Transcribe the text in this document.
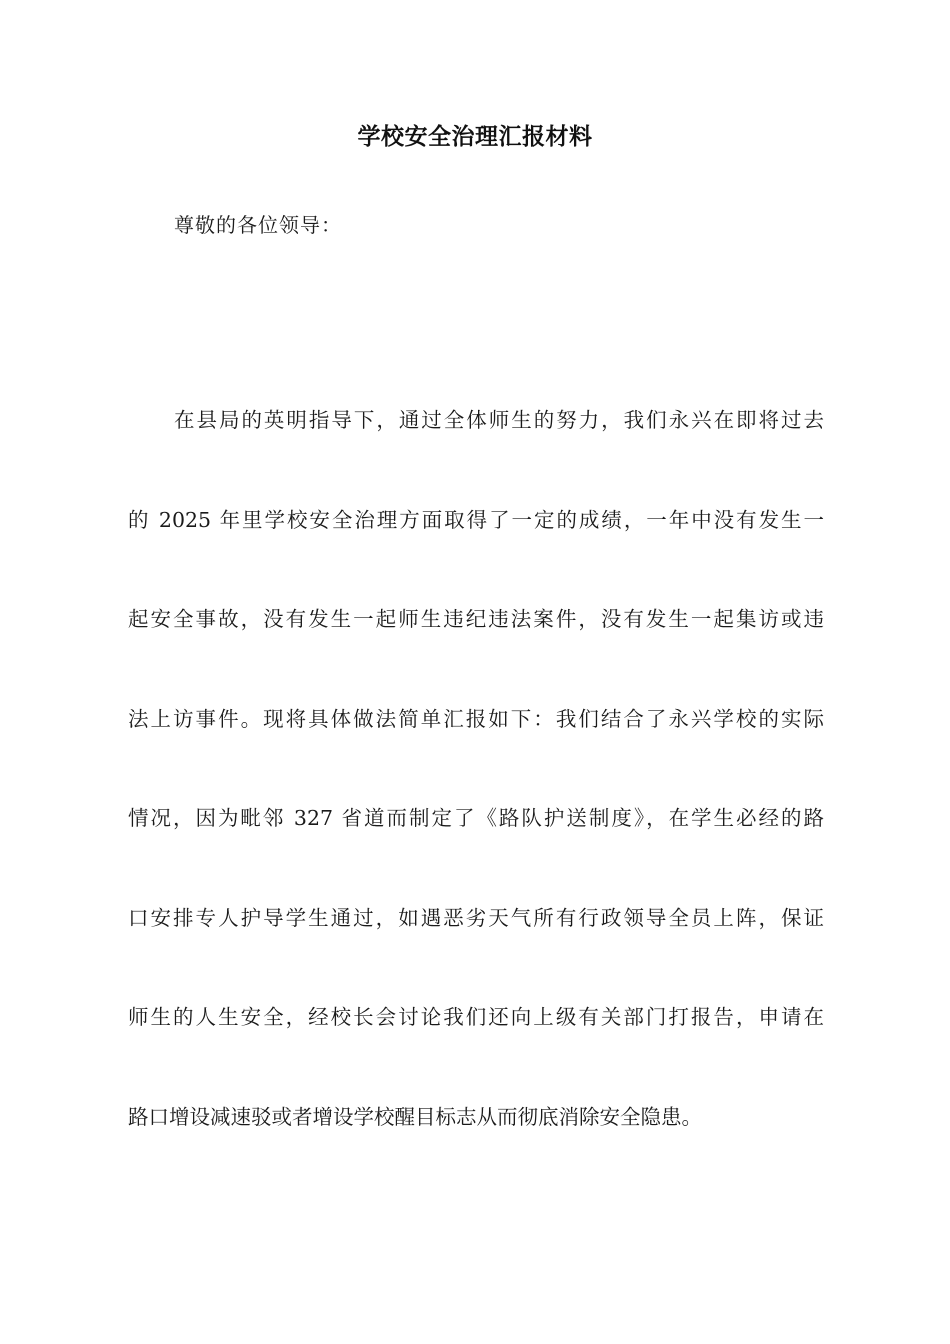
学校安全治理汇报材料
尊敬的各位领导：
在县局的英明指导下，通过全体师生的努力，我们永兴在即将过去
的 2025 年里学校安全治理方面取得了一定的成绩，一年中没有发生一
起安全事故，没有发生一起师生违纪违法案件，没有发生一起集访或违
法上访事件。现将具体做法简单汇报如下：我们结合了永兴学校的实际
情况，因为毗邻 327 省道而制定了《路队护送制度》，在学生必经的路
口安排专人护导学生通过，如遇恶劣天气所有行政领导全员上阵，保证
师生的人生安全，经校长会讨论我们还向上级有关部门打报告，申请在
路口增设减速驳或者增设学校醒目标志从而彻底消除安全隐患。
